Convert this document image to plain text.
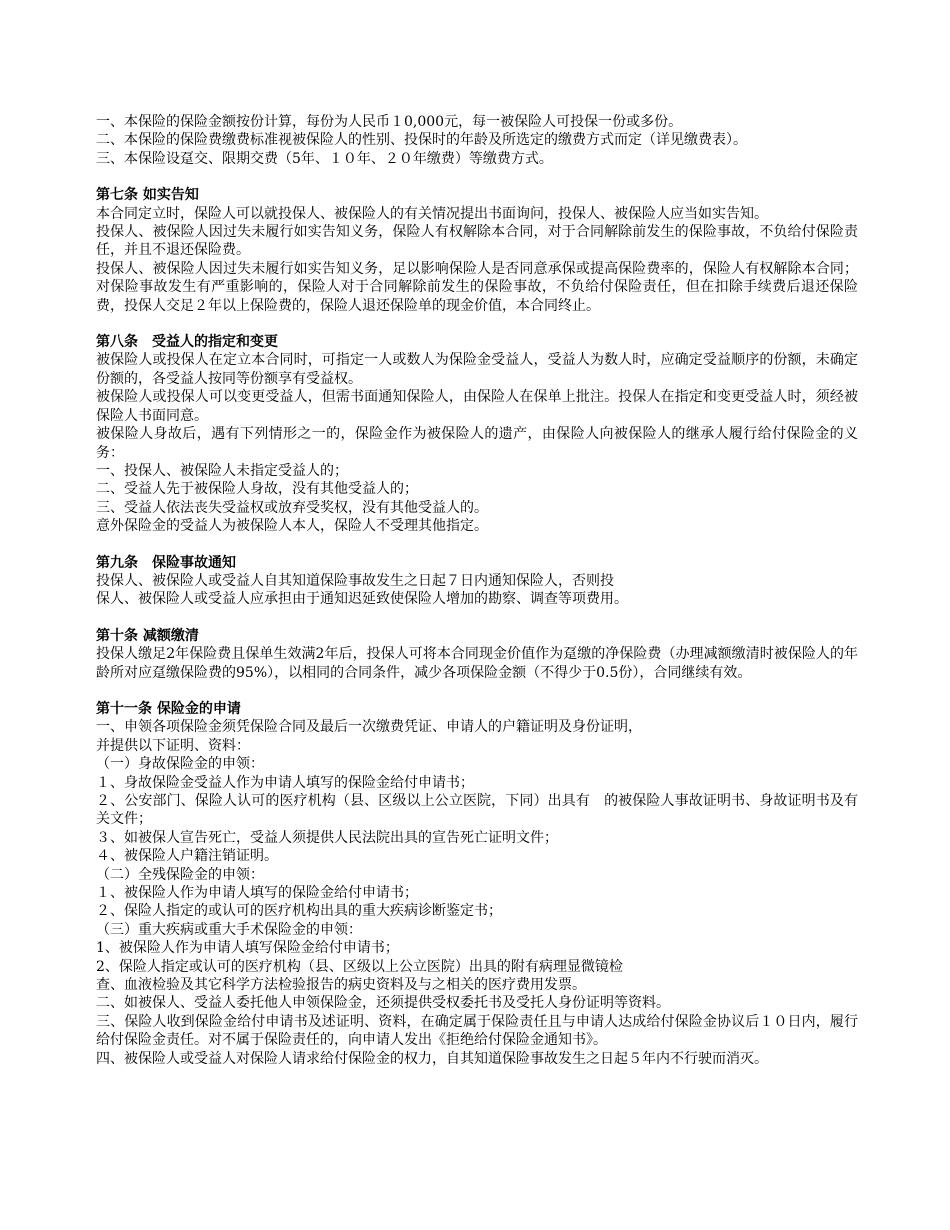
一、本保险的保险金额按份计算，每份为人民币１0,000元，每一被保险人可投保一份或多份。
二、本保险的保险费缴费标准视被保险人的性别、投保时的年龄及所选定的缴费方式而定（详见缴费表）。
三、本保险设趸交、限期交费（5年、１０年、２０年缴费）等缴费方式。
第七条 如实告知
本合同定立时，保险人可以就投保人、被保险人的有关情况提出书面询问，投保人、被保险人应当如实告知。
投保人、被保险人因过失未履行如实告知义务，保险人有权解除本合同，对于合同解除前发生的保险事故，不负给付保险责任，并且不退还保险费。
投保人、被保险人因过失未履行如实告知义务，足以影响保险人是否同意承保或提高保险费率的，保险人有权解除本合同；对保险事故发生有严重影响的，保险人对于合同解除前发生的保险事故，不负给付保险责任，但在扣除手续费后退还保险费，投保人交足２年以上保险费的，保险人退还保险单的现金价值，本合同终止。
第八条　受益人的指定和变更
被保险人或投保人在定立本合同时，可指定一人或数人为保险金受益人，受益人为数人时，应确定受益顺序的份额，未确定份额的，各受益人按同等份额享有受益权。
被保险人或投保人可以变更受益人，但需书面通知保险人，由保险人在保单上批注。投保人在指定和变更受益人时，须经被保险人书面同意。
被保险人身故后，遇有下列情形之一的，保险金作为被保险人的遗产，由保险人向被保险人的继承人履行给付保险金的义务：
一、投保人、被保险人未指定受益人的；
二、受益人先于被保险人身故，没有其他受益人的；
三、受益人依法丧失受益权或放弃受奖权，没有其他受益人的。
意外保险金的受益人为被保险人本人，保险人不受理其他指定。
第九条　保险事故通知
投保人、被保险人或受益人自其知道保险事故发生之日起７日内通知保险人，否则投
保人、被保险人或受益人应承担由于通知迟延致使保险人增加的勘察、调查等项费用。
第十条 减额缴清
投保人缴足2年保险费且保单生效满2年后，投保人可将本合同现金价值作为趸缴的净保险费（办理减额缴清时被保险人的年龄所对应趸缴保险费的95%），以相同的合同条件，减少各项保险金额（不得少于0.5份），合同继续有效。
第十一条 保险金的申请
一、申领各项保险金须凭保险合同及最后一次缴费凭证、申请人的户籍证明及身份证明，
并提供以下证明、资料：
（一）身故保险金的申领：
１、身故保险金受益人作为申请人填写的保险金给付申请书；
２、公安部门、保险人认可的医疗机构（县、区级以上公立医院，下同）出具有　的被保险人事故证明书、身故证明书及有关文件；
３、如被保人宣告死亡，受益人须提供人民法院出具的宣告死亡证明文件；
４、被保险人户籍注销证明。
（二）全残保险金的申领：
１、被保险人作为申请人填写的保险金给付申请书；
２、保险人指定的或认可的医疗机构出具的重大疾病诊断鉴定书；
（三）重大疾病或重大手术保险金的申领：
1、被保险人作为申请人填写保险金给付申请书；
2、保险人指定或认可的医疗机构（县、区级以上公立医院）出具的附有病理显微镜检
查、血液检验及其它科学方法检验报告的病史资料及与之相关的医疗费用发票。
二、如被保人、受益人委托他人申领保险金，还须提供受权委托书及受托人身份证明等资料。
三、保险人收到保险金给付申请书及述证明、资料，在确定属于保险责任且与申请人达成给付保险金协议后１０日内，履行给付保险金责任。对不属于保险责任的，向申请人发出《拒绝给付保险金通知书》。
四、被保险人或受益人对保险人请求给付保险金的权力，自其知道保险事故发生之日起５年内不行驶而消灭。
